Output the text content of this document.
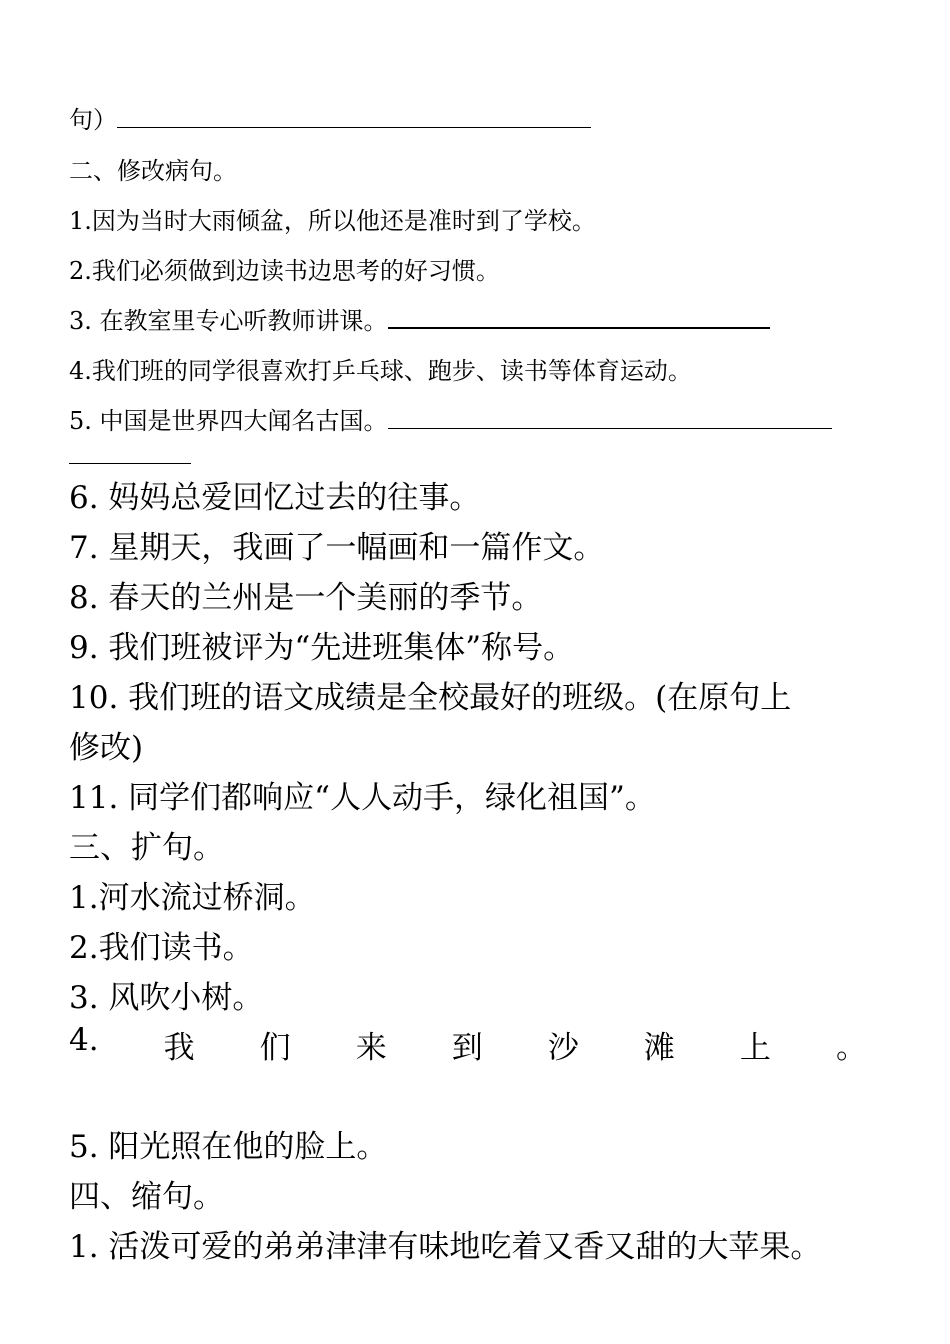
句）
二、修改病句。
1.因为当时大雨倾盆，所以他还是准时到了学校。
2.我们必须做到边读书边思考的好习惯。
3. 在教室里专心听教师讲课。
4.我们班的同学很喜欢打乒乓球、跑步、读书等体育运动。
5. 中国是世界四大闻名古国。
6. 妈妈总爱回忆过去的往事。
7. 星期天，我画了一幅画和一篇作文。
8. 春天的兰州是一个美丽的季节。
9. 我们班被评为“先进班集体”称号。
10. 我们班的语文成绩是全校最好的班级。(在原句上
修改)
11. 同学们都响应“人人动手，绿化祖国”。
三、扩句。
1.河水流过桥洞。
2.我们读书。
3. 风吹小树。
4. 我 们 来 到 沙 滩 上 。
5. 阳光照在他的脸上。
四、缩句。
1. 活泼可爱的弟弟津津有味地吃着又香又甜的大苹果。
